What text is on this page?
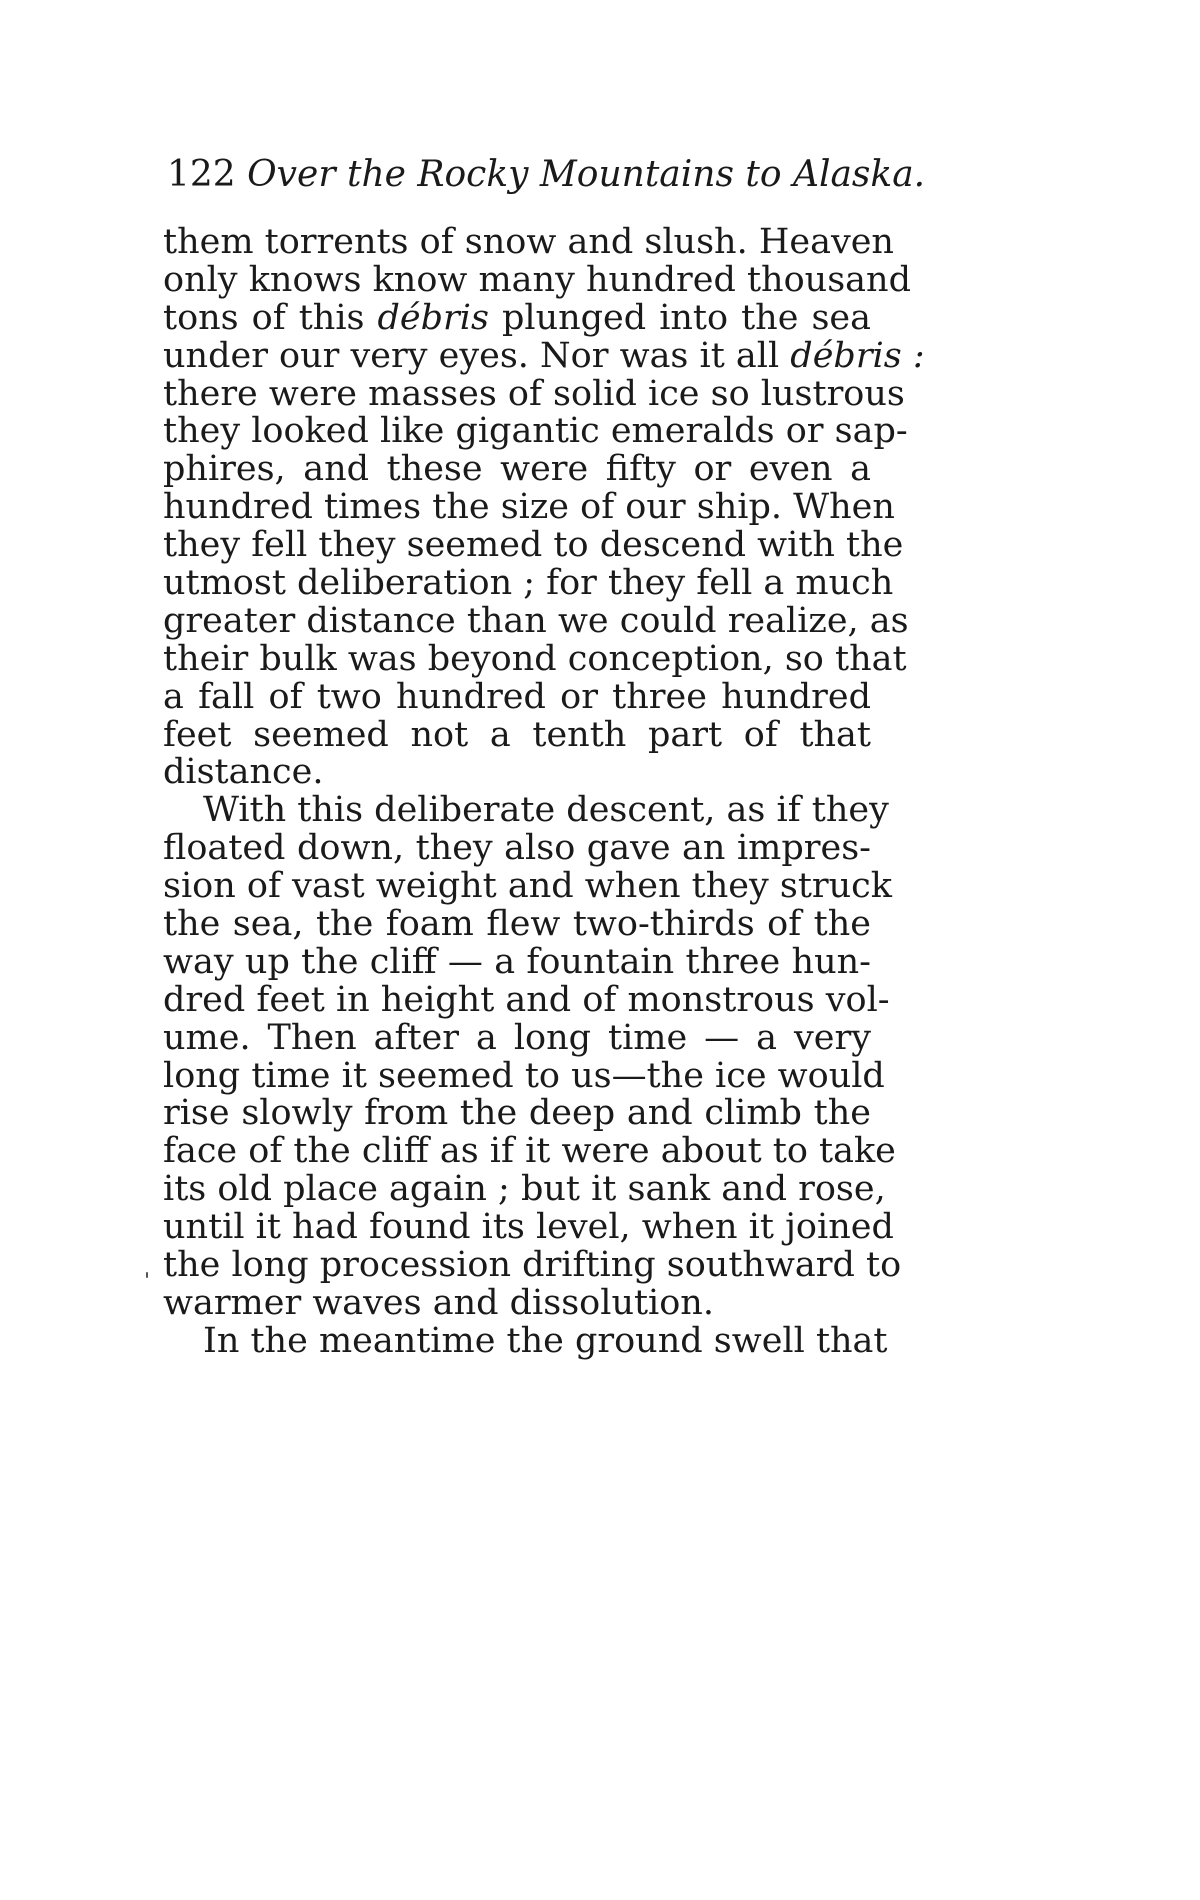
122 Over the Rocky Mountains to Alaska.
them torrents of snow and slush. Heaven
only knows know many hundred thousand
tons of this débris plunged into the sea
under our very eyes. Nor was it all débris :
there were masses of solid ice so lustrous
they looked like gigantic emeralds or sap-
phires, and these were fifty or even a
hundred times the size of our ship. When
they fell they seemed to descend with the
utmost deliberation ; for they fell a much
greater distance than we could realize, as
their bulk was beyond conception, so that
a fall of two hundred or three hundred
feet seemed not a tenth part of that
distance.
With this deliberate descent, as if they
floated down, they also gave an impres-
sion of vast weight and when they struck
the sea, the foam flew two-thirds of the
way up the cliff — a fountain three hun-
dred feet in height and of monstrous vol-
ume. Then after a long time — a very
long time it seemed to us—the ice would
rise slowly from the deep and climb the
face of the cliff as if it were about to take
its old place again ; but it sank and rose,
until it had found its level, when it joined
the long procession drifting southward to
warmer waves and dissolution.
In the meantime the ground swell that
